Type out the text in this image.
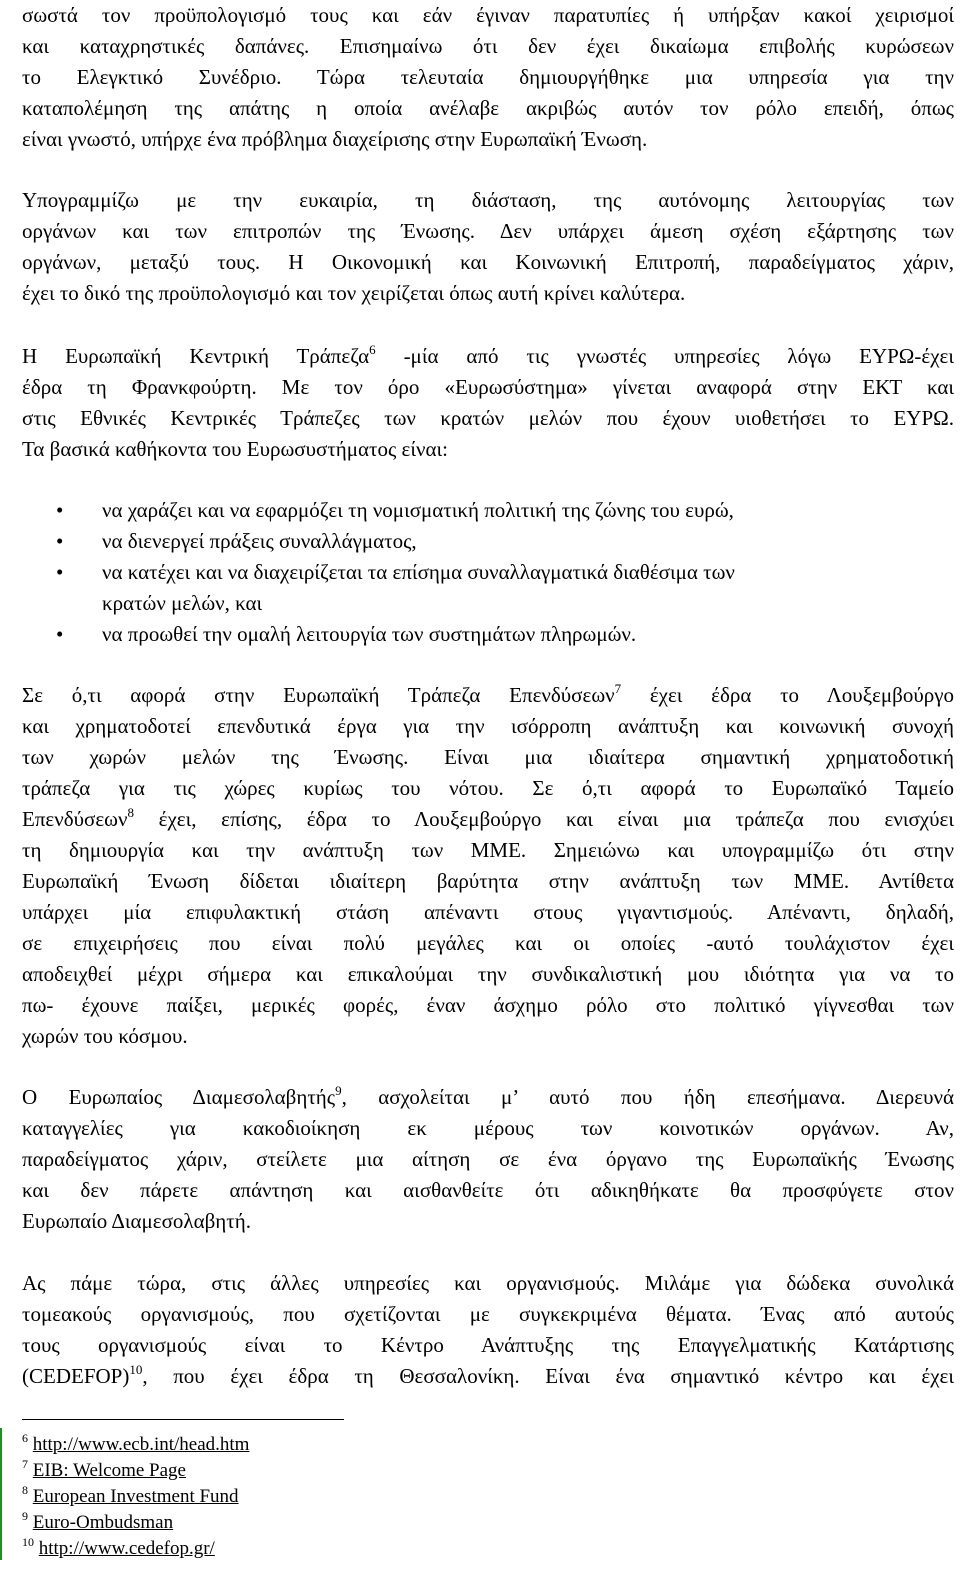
σωστά τον προϋπολογισμό τους και εάν έγιναν παρατυπίες ή υπήρξαν κακοί χειρισμοί
και καταχρηστικές δαπάνες. Επισημαίνω ότι δεν έχει δικαίωμα επιβολής κυρώσεων
το Ελεγκτικό Συνέδριο. Τώρα τελευταία δημιουργήθηκε μια υπηρεσία για την
καταπολέμηση της απάτης η οποία ανέλαβε ακριβώς αυτόν τον ρόλο επειδή, όπως
είναι γνωστό, υπήρχε ένα πρόβλημα διαχείρισης στην Ευρωπαϊκή Ένωση.

Υπογραμμίζω με την ευκαιρία, τη διάσταση, της αυτόνομης λειτουργίας των
οργάνων και των επιτροπών της Ένωσης. Δεν υπάρχει άμεση σχέση εξάρτησης των
οργάνων, μεταξύ τους. Η Οικονομική και Κοινωνική Επιτροπή, παραδείγματος χάριν,
έχει το δικό της προϋπολογισμό και τον χειρίζεται όπως αυτή κρίνει καλύτερα.

Η Ευρωπαϊκή Κεντρική Τράπεζα$^6$ -μία από τις γνωστές υπηρεσίες λόγω ΕΥΡΩ-έχει
έδρα τη Φρανκφούρτη. Με τον όρο «Ευρωσύστημα» γίνεται αναφορά στην ΕΚΤ και
στις Εθνικές Κεντρικές Τράπεζες των κρατών μελών που έχουν υιοθετήσει το ΕΥΡΩ.
Τα βασικά καθήκοντα του Ευρωσυστήματος είναι:

• να χαράζει και να εφαρμόζει τη νομισματική πολιτική της ζώνης του ευρώ,
• να διενεργεί πράξεις συναλλάγματος,
• να κατέχει και να διαχειρίζεται τα επίσημα συναλλαγματικά διαθέσιμα των
κρατών μελών, και
• να προωθεί την ομαλή λειτουργία των συστημάτων πληρωμών.

Σε ό,τι αφορά στην Ευρωπαϊκή Τράπεζα Επενδύσεων$^7$ έχει έδρα το Λουξεμβούργο
και χρηματοδοτεί επενδυτικά έργα για την ισόρροπη ανάπτυξη και κοινωνική συνοχή
των χωρών μελών της Ένωσης. Είναι μια ιδιαίτερα σημαντική χρηματοδοτική
τράπεζα για τις χώρες κυρίως του νότου. Σε ό,τι αφορά το Ευρωπαϊκό Ταμείο
Επενδύσεων$^8$ έχει, επίσης, έδρα το Λουξεμβούργο και είναι μια τράπεζα που ενισχύει
τη δημιουργία και την ανάπτυξη των ΜΜΕ. Σημειώνω και υπογραμμίζω ότι στην
Ευρωπαϊκή Ένωση δίδεται ιδιαίτερη βαρύτητα στην ανάπτυξη των ΜΜΕ. Αντίθετα
υπάρχει μία επιφυλακτική στάση απέναντι στους γιγαντισμούς. Απέναντι, δηλαδή,
σε επιχειρήσεις που είναι πολύ μεγάλες και οι οποίες -αυτό τουλάχιστον έχει
αποδειχθεί μέχρι σήμερα και επικαλούμαι την συνδικαλιστική μου ιδιότητα για να το
πω- έχουνε παίξει, μερικές φορές, έναν άσχημο ρόλο στο πολιτικό γίγνεσθαι των
χωρών του κόσμου.

Ο Ευρωπαίος Διαμεσολαβητής$^9$, ασχολείται μ’ αυτό που ήδη επεσήμανα. Διερευνά
καταγγελίες για κακοδιοίκηση εκ μέρους των κοινοτικών οργάνων. Αν,
παραδείγματος χάριν, στείλετε μια αίτηση σε ένα όργανο της Ευρωπαϊκής Ένωσης
και δεν πάρετε απάντηση και αισθανθείτε ότι αδικηθήκατε θα προσφύγετε στον
Ευρωπαίο Διαμεσολαβητή.

Ας πάμε τώρα, στις άλλες υπηρεσίες και οργανισμούς. Μιλάμε για δώδεκα συνολικά
τομεακούς οργανισμούς, που σχετίζονται με συγκεκριμένα θέματα. Ένας από αυτούς
τους οργανισμούς είναι το Κέντρο Ανάπτυξης της Επαγγελματικής Κατάρτισης
(CEDEFOP)$^{10}$, που έχει έδρα τη Θεσσαλονίκη. Είναι ένα σημαντικό κέντρο και έχει

$^6$ http://www.ecb.int/head.htm
$^7$ EIB: Welcome Page
$^8$ European Investment Fund
$^9$ Euro-Ombudsman
$^{10}$ http://www.cedefop.gr/
